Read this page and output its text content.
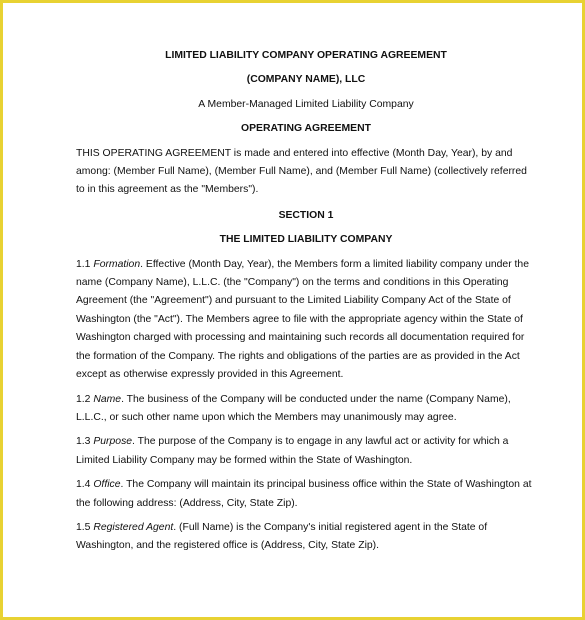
LIMITED LIABILITY COMPANY OPERATING AGREEMENT
(COMPANY NAME), LLC
A Member-Managed Limited Liability Company
OPERATING AGREEMENT

THIS OPERATING AGREEMENT is made and entered into effective (Month Day, Year), by and among: (Member Full Name), (Member Full Name), and (Member Full Name) (collectively referred to in this agreement as the "Members").

SECTION 1
THE LIMITED LIABILITY COMPANY

1.1 Formation. Effective (Month Day, Year), the Members form a limited liability company under the name (Company Name), L.L.C. (the "Company") on the terms and conditions in this Operating Agreement (the "Agreement") and pursuant to the Limited Liability Company Act of the State of Washington (the "Act"). The Members agree to file with the appropriate agency within the State of Washington charged with processing and maintaining such records all documentation required for the formation of the Company. The rights and obligations of the parties are as provided in the Act except as otherwise expressly provided in this Agreement.

1.2 Name. The business of the Company will be conducted under the name (Company Name), L.L.C., or such other name upon which the Members may unanimously may agree.

1.3 Purpose. The purpose of the Company is to engage in any lawful act or activity for which a Limited Liability Company may be formed within the State of Washington.

1.4 Office. The Company will maintain its principal business office within the State of Washington at the following address: (Address, City, State Zip).

1.5 Registered Agent. (Full Name) is the Company's initial registered agent in the State of Washington, and the registered office is (Address, City, State Zip).
